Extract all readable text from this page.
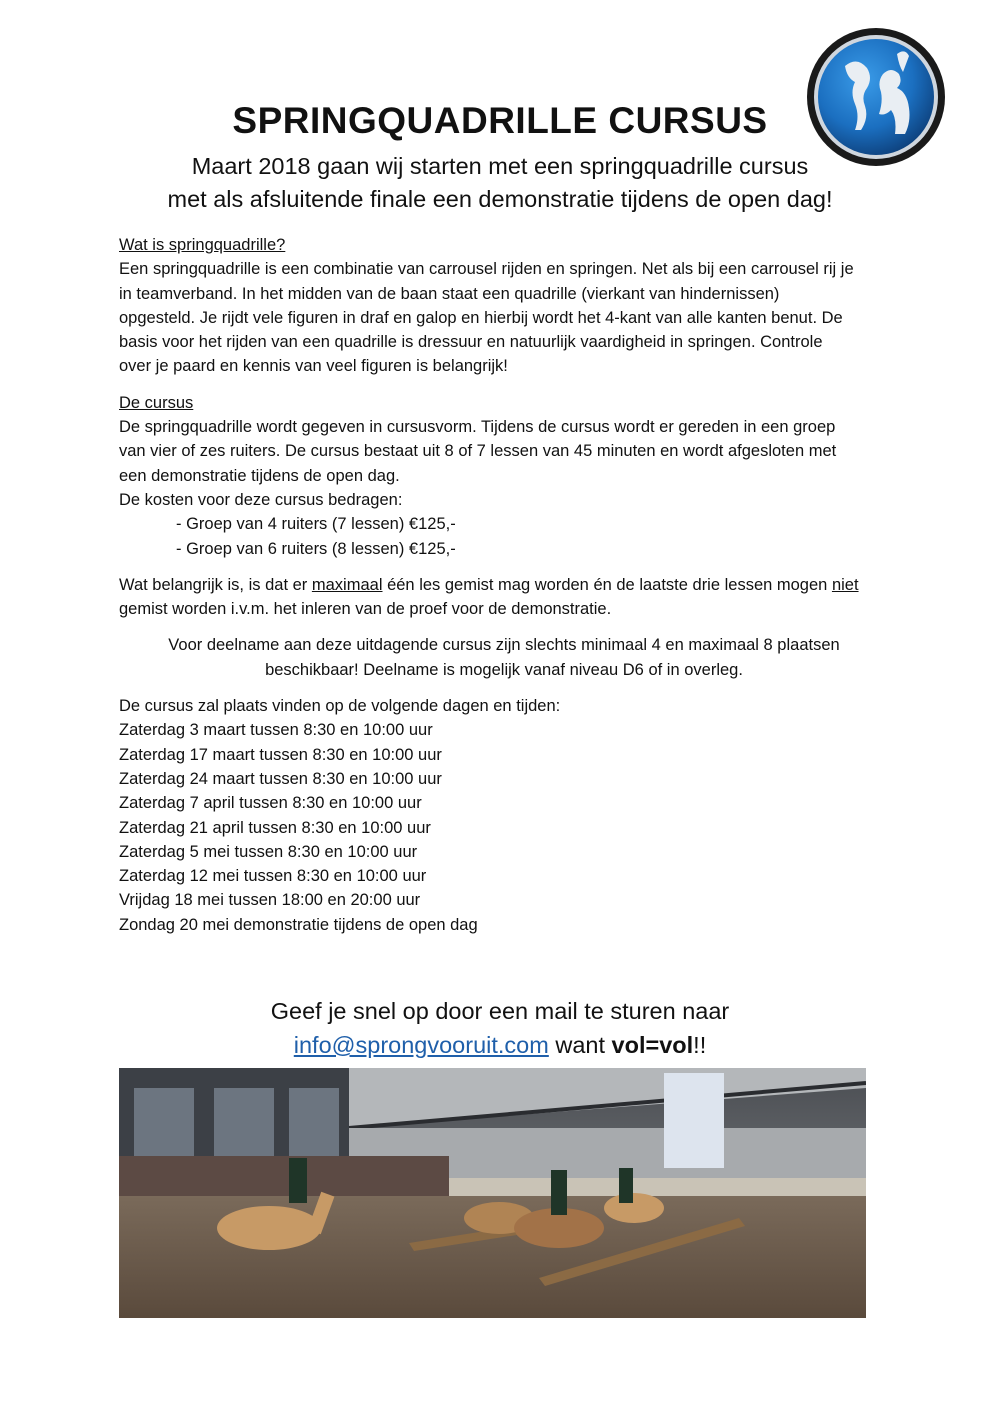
SPRINGQUADRILLE CURSUS
Maart 2018 gaan wij starten met een springquadrille cursus
met als afsluitende finale een demonstratie tijdens de open dag!
Wat is springquadrille?
Een springquadrille is een combinatie van carrousel rijden en springen. Net als bij een carrousel rij je
in teamverband. In het midden van de baan staat een quadrille (vierkant van hindernissen)
opgesteld. Je rijdt vele figuren in draf en galop en hierbij wordt het 4-kant van alle kanten benut. De
basis voor het rijden van een quadrille is dressuur en natuurlijk vaardigheid in springen. Controle
over je paard en kennis van veel figuren is belangrijk!
De cursus
De springquadrille wordt gegeven in cursusvorm. Tijdens de cursus wordt er gereden in een groep
van vier of zes ruiters. De cursus bestaat uit 8 of 7 lessen van 45 minuten en wordt afgesloten met
een demonstratie tijdens de open dag.
De kosten voor deze cursus bedragen:
- Groep van 4 ruiters (7 lessen) €125,-
- Groep van 6 ruiters (8 lessen) €125,-
Wat belangrijk is, is dat er maximaal één les gemist mag worden én de laatste drie lessen mogen niet
gemist worden i.v.m. het inleren van de proef voor de demonstratie.
Voor deelname aan deze uitdagende cursus zijn slechts minimaal 4 en maximaal 8 plaatsen
beschikbaar! Deelname is mogelijk vanaf niveau D6 of in overleg.
De cursus zal plaats vinden op de volgende dagen en tijden:
Zaterdag 3 maart tussen 8:30 en 10:00 uur
Zaterdag 17 maart tussen 8:30 en 10:00 uur
Zaterdag 24 maart tussen 8:30 en 10:00 uur
Zaterdag 7 april tussen 8:30 en 10:00 uur
Zaterdag 21 april tussen 8:30 en 10:00 uur
Zaterdag 5 mei tussen 8:30 en 10:00 uur
Zaterdag 12 mei tussen 8:30 en 10:00 uur
Vrijdag 18 mei tussen 18:00 en 20:00 uur
Zondag 20 mei demonstratie tijdens de open dag
Geef je snel op door een mail te sturen naar
info@sprongvooruit.com want vol=vol!!
